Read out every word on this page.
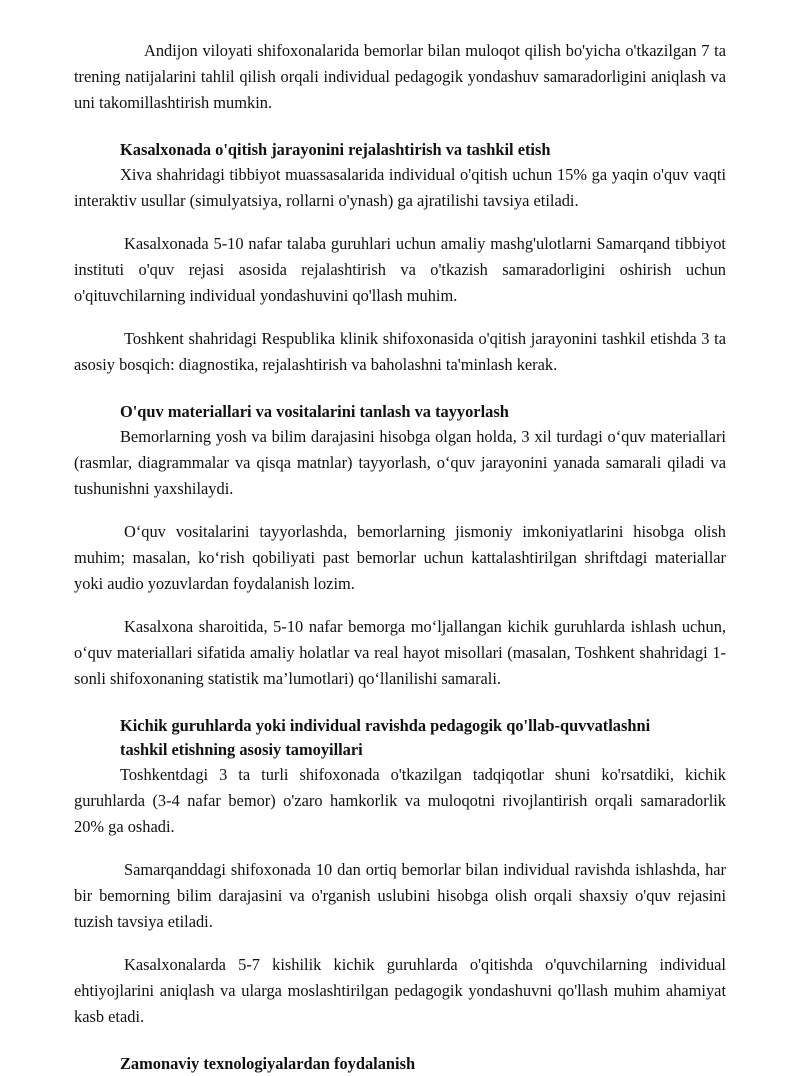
Andijon viloyati shifoxonalarida bemorlar bilan muloqot qilish bo'yicha o'tkazilgan 7 ta trening natijalarini tahlil qilish orqali individual pedagogik yondashuv samaradorligini aniqlash va uni takomillashtirish mumkin.

Kasalxonada o'qitish jarayonini rejalashtirish va tashkil etish

Xiva shahridagi tibbiyot muassasalarida individual o'qitish uchun 15% ga yaqin o'quv vaqti interaktiv usullar (simulyatsiya, rollarni o'ynash) ga ajratilishi tavsiya etiladi.

Kasalxonada 5-10 nafar talaba guruhlari uchun amaliy mashg'ulotlarni Samarqand tibbiyot instituti o'quv rejasi asosida rejalashtirish va o'tkazish samaradorligini oshirish uchun o'qituvchilarning individual yondashuvini qo'llash muhim.

Toshkent shahridagi Respublika klinik shifoxonasida o'qitish jarayonini tashkil etishda 3 ta asosiy bosqich: diagnostika, rejalashtirish va baholashni ta'minlash kerak.

O'quv materiallari va vositalarini tanlash va tayyorlash

Bemorlarning yosh va bilim darajasini hisobga olgan holda, 3 xil turdagi o‘quv materiallari (rasmlar, diagrammalar va qisqa matnlar) tayyorlash, o‘quv jarayonini yanada samarali qiladi va tushunishni yaxshilaydi.

O‘quv vositalarini tayyorlashda, bemorlarning jismoniy imkoniyatlarini hisobga olish muhim; masalan, ko‘rish qobiliyati past bemorlar uchun kattalashtirilgan shriftdagi materiallar yoki audio yozuvlardan foydalanish lozim.

Kasalxona sharoitida, 5-10 nafar bemorga mo‘ljallangan kichik guruhlarda ishlash uchun, o‘quv materiallari sifatida amaliy holatlar va real hayot misollari (masalan, Toshkent shahridagi 1-sonli shifoxonaning statistik ma’lumotlari) qo‘llanilishi samarali.

Kichik guruhlarda yoki individual ravishda pedagogik qo'llab-quvvatlashni
tashkil etishning asosiy tamoyillari

Toshkentdagi 3 ta turli shifoxonada o'tkazilgan tadqiqotlar shuni ko'rsatdiki, kichik guruhlarda (3-4 nafar bemor) o'zaro hamkorlik va muloqotni rivojlantirish orqali samaradorlik 20% ga oshadi.

Samarqanddagi shifoxonada 10 dan ortiq bemorlar bilan individual ravishda ishlashda, har bir bemorning bilim darajasini va o'rganish uslubini hisobga olish orqali shaxsiy o'quv rejasini tuzish tavsiya etiladi.

Kasalxonalarda 5-7 kishilik kichik guruhlarda o'qitishda o'quvchilarning individual ehtiyojlarini aniqlash va ularga moslashtirilgan pedagogik yondashuvni qo'llash muhim ahamiyat kasb etadi.

Zamonaviy texnologiyalardan foydalanish
